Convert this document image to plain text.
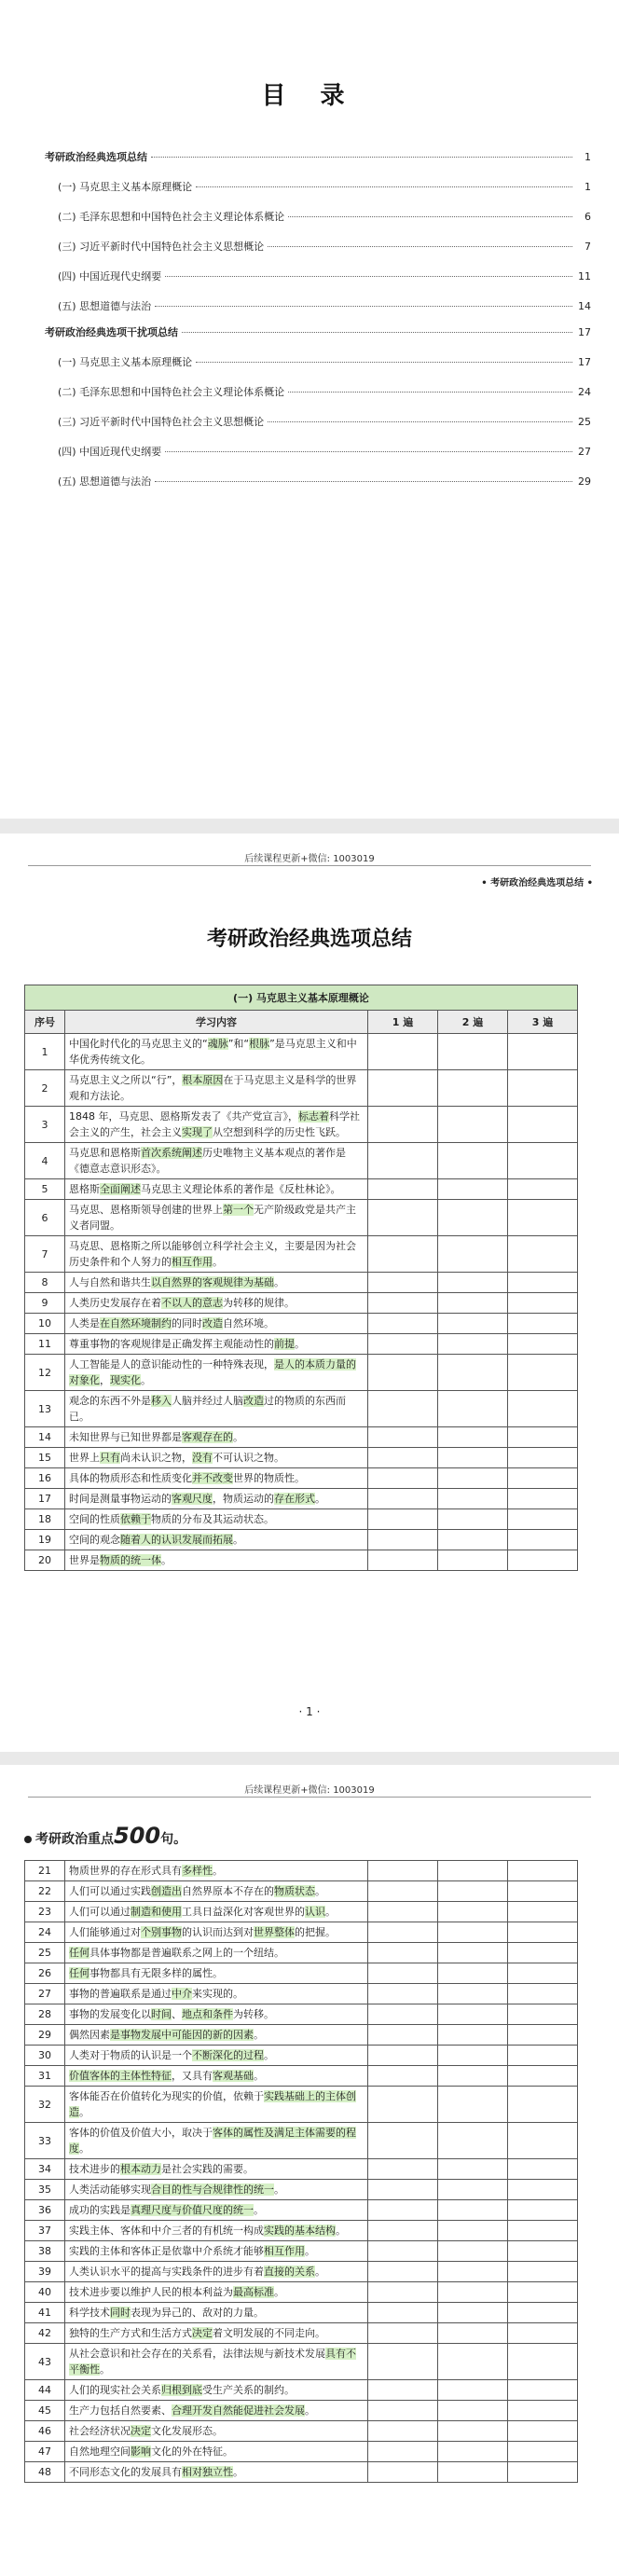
目 录
考研政治经典选项总结	1
(一) 马克思主义基本原理概论	1
(二) 毛泽东思想和中国特色社会主义理论体系概论	6
(三) 习近平新时代中国特色社会主义思想概论	7
(四) 中国近现代史纲要	11
(五) 思想道德与法治	14
考研政治经典选项干扰项总结	17
(一) 马克思主义基本原理概论	17
(二) 毛泽东思想和中国特色社会主义理论体系概论	24
(三) 习近平新时代中国特色社会主义思想概论	25
(四) 中国近现代史纲要	27
(五) 思想道德与法治	29
后续课程更新+微信: 1003019
• 考研政治经典选项总结 •
考研政治经典选项总结
(一) 马克思主义基本原理概论				
序号	学习内容	1 遍	2 遍	3 遍
1	中国化时代化的马克思主义的“魂脉”和“根脉”是马克思主义和中华优秀传统文化。			
2	马克思主义之所以“行”，根本原因在于马克思主义是科学的世界观和方法论。			
3	1848 年，马克思、恩格斯发表了《共产党宣言》，标志着科学社会主义的产生，社会主义实现了从空想到科学的历史性飞跃。			
4	马克思和恩格斯首次系统阐述历史唯物主义基本观点的著作是《德意志意识形态》。			
5	恩格斯全面阐述马克思主义理论体系的著作是《反杜林论》。			
6	马克思、恩格斯领导创建的世界上第一个无产阶级政党是共产主义者同盟。			
7	马克思、恩格斯之所以能够创立科学社会主义，主要是因为社会历史条件和个人努力的相互作用。			
8	人与自然和谐共生以自然界的客观规律为基础。			
9	人类历史发展存在着不以人的意志为转移的规律。			
10	人类是在自然环境制约的同时改造自然环境。			
11	尊重事物的客观规律是正确发挥主观能动性的前提。			
12	人工智能是人的意识能动性的一种特殊表现，是人的本质力量的对象化，现实化。			
13	观念的东西不外是移入人脑并经过人脑改造过的物质的东西而已。			
14	未知世界与已知世界都是客观存在的。			
15	世界上只有尚未认识之物，没有不可认识之物。			
16	具体的物质形态和性质变化并不改变世界的物质性。			
17	时间是测量事物运动的客观尺度，物质运动的存在形式。			
18	空间的性质依赖于物质的分布及其运动状态。			
19	空间的观念随着人的认识发展而拓展。			
20	世界是物质的统一体。			
· 1 ·
后续课程更新+微信: 1003019
考研政治重点500句。
21	物质世界的存在形式具有多样性。			
22	人们可以通过实践创造出自然界原本不存在的物质状态。			
23	人们可以通过制造和使用工具日益深化对客观世界的认识。			
24	人们能够通过对个别事物的认识而达到对世界整体的把握。			
25	任何具体事物都是普遍联系之网上的一个纽结。			
26	任何事物都具有无限多样的属性。			
27	事物的普遍联系是通过中介来实现的。			
28	事物的发展变化以时间、地点和条件为转移。			
29	偶然因素是事物发展中可能因的新的因素。			
30	人类对于物质的认识是一个不断深化的过程。			
31	价值客体的主体性特征，又具有客观基础。			
32	客体能否在价值转化为现实的价值，依赖于实践基础上的主体创造。			
33	客体的价值及价值大小，取决于客体的属性及满足主体需要的程度。			
34	技术进步的根本动力是社会实践的需要。			
35	人类活动能够实现合目的性与合规律性的统一。			
36	成功的实践是真理尺度与价值尺度的统一。			
37	实践主体、客体和中介三者的有机统一构成实践的基本结构。			
38	实践的主体和客体正是依靠中介系统才能够相互作用。			
39	人类认识水平的提高与实践条件的进步有着直接的关系。			
40	技术进步要以维护人民的根本利益为最高标准。			
41	科学技术同时表现为异己的、敌对的力量。			
42	独特的生产方式和生活方式决定着文明发展的不同走向。			
43	从社会意识和社会存在的关系看，法律法规与新技术发展具有不平衡性。			
44	人们的现实社会关系归根到底受生产关系的制约。			
45	生产力包括自然要素、合理开发自然能促进社会发展。			
46	社会经济状况决定文化发展形态。			
47	自然地理空间影响文化的外在特征。			
48	不同形态文化的发展具有相对独立性。			
